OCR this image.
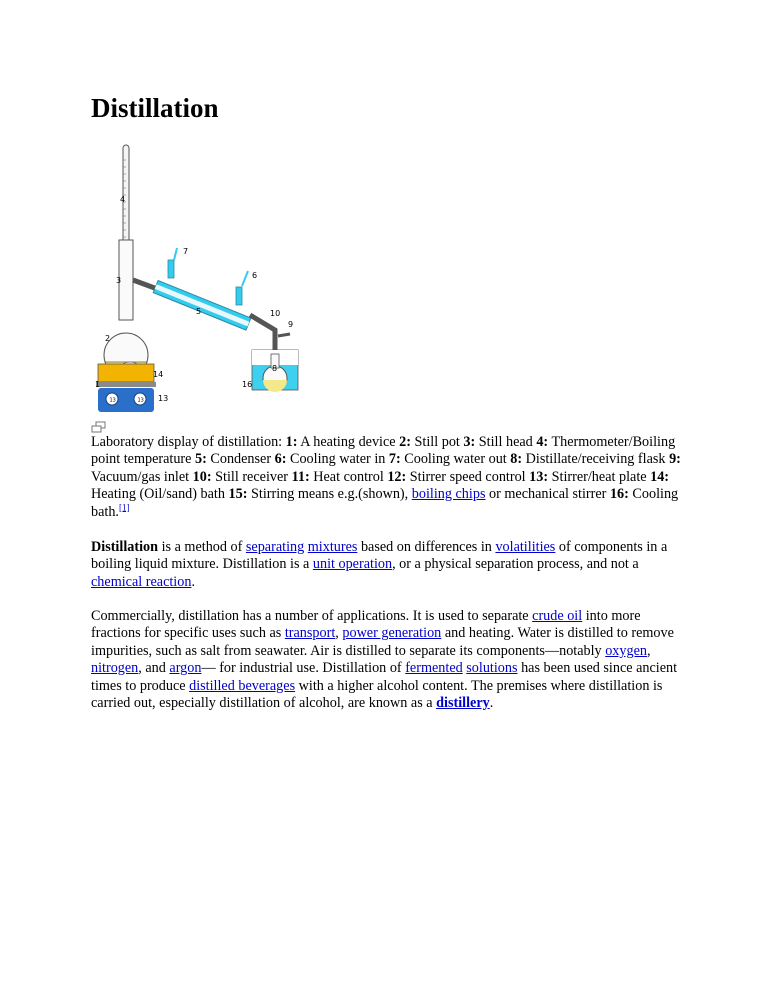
Distillation
13	13
4
7
6
3
5	10
9
2
8
14
1	16
13
Laboratory display of distillation: 1: A heating device 2: Still pot 3: Still head 4: Thermometer/Boiling point temperature 5: Condenser 6: Cooling water in 7: Cooling water out 8: Distillate/receiving flask 9: Vacuum/gas inlet 10: Still receiver 11: Heat control 12: Stirrer speed control 13: Stirrer/heat plate 14: Heating (Oil/sand) bath 15: Stirring means e.g.(shown), boiling chips or mechanical stirrer 16: Cooling bath.[1]

Distillation is a method of separating mixtures based on differences in volatilities of components in a boiling liquid mixture. Distillation is a unit operation, or a physical separation process, and not a chemical reaction.

Commercially, distillation has a number of applications. It is used to separate crude oil into more fractions for specific uses such as transport, power generation and heating. Water is distilled to remove impurities, such as salt from seawater. Air is distilled to separate its components—notably oxygen, nitrogen, and argon— for industrial use. Distillation of fermented solutions has been used since ancient times to produce distilled beverages with a higher alcohol content. The premises where distillation is carried out, especially distillation of alcohol, are known as a distillery.
